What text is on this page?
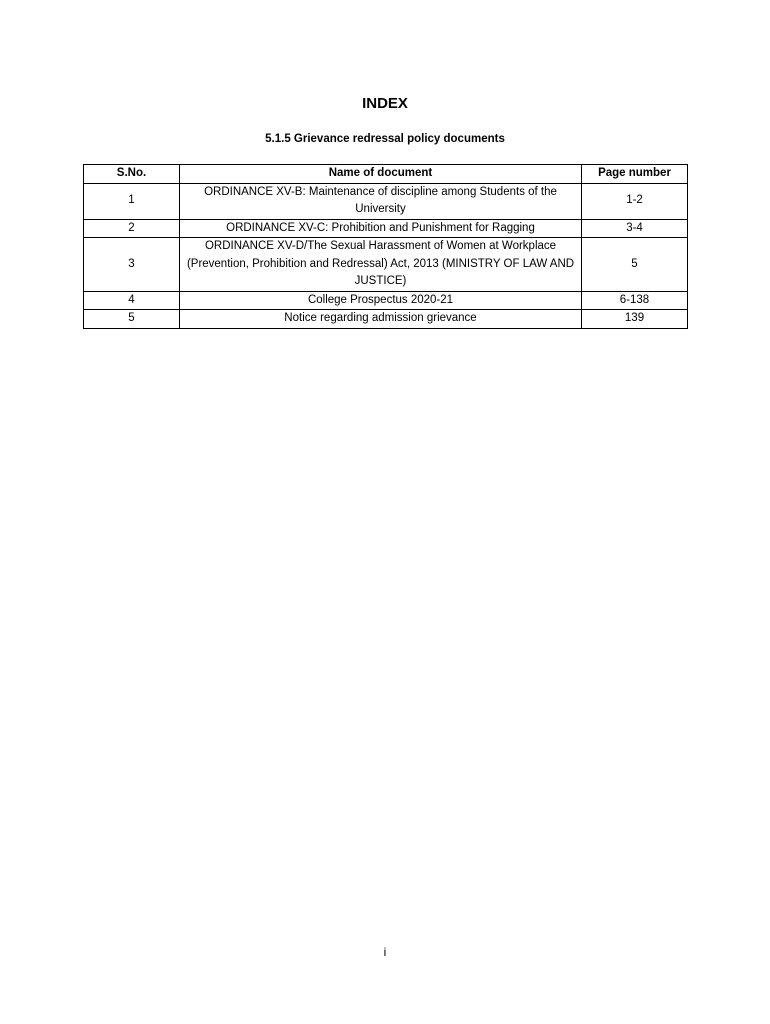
INDEX
5.1.5 Grievance redressal policy documents
S.No.	Name of document	Page number
1	ORDINANCE XV-B: Maintenance of discipline among Students of the University	1-2
2	ORDINANCE XV-C: Prohibition and Punishment for Ragging	3-4
3	ORDINANCE XV-D/The Sexual Harassment of Women at Workplace (Prevention, Prohibition and Redressal) Act, 2013 (MINISTRY OF LAW AND JUSTICE)	5
4	College Prospectus 2020-21	6-138
5	Notice regarding admission grievance	139
i
